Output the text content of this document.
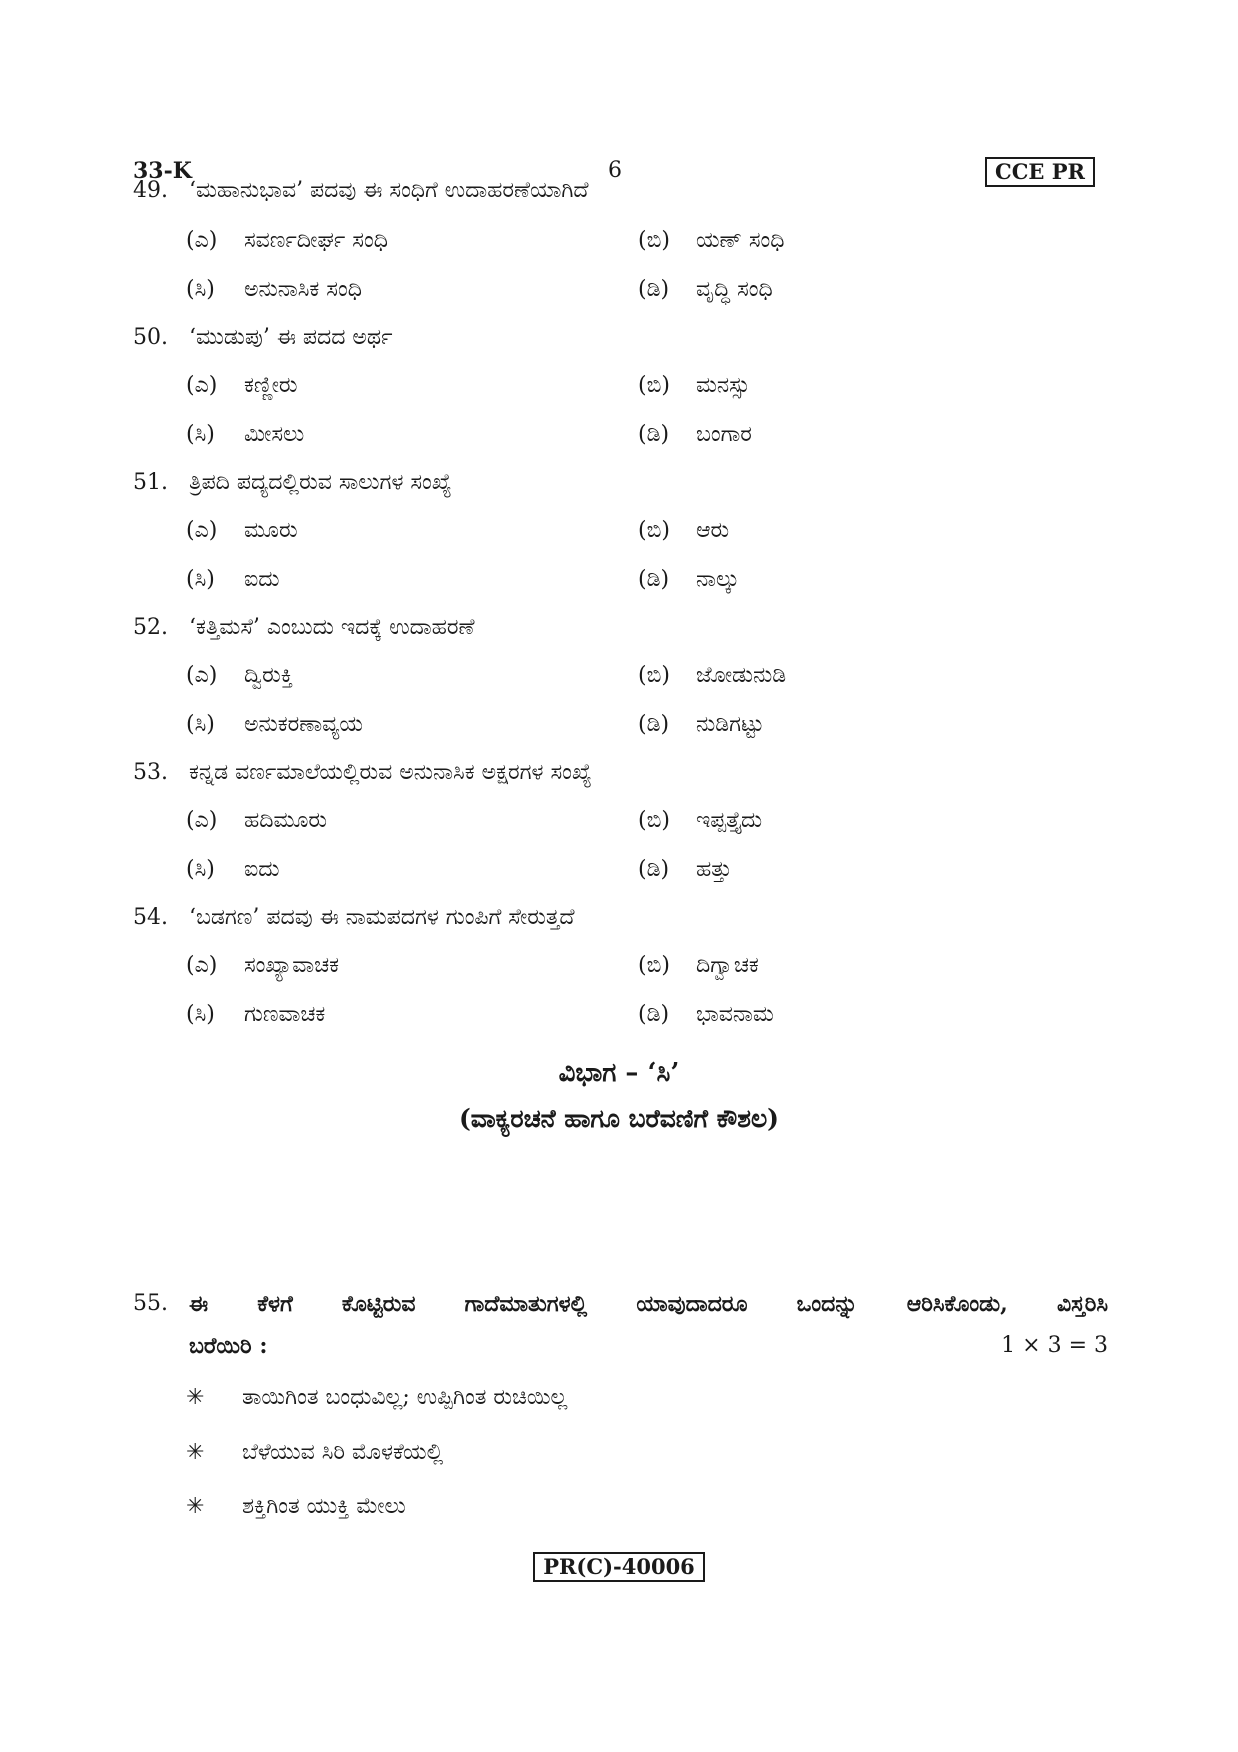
33-K	6	CCE PR
49. ‘ಮಹಾನುಭಾವ’ ಪದವು ಈ ಸಂಧಿಗೆ ಉದಾಹರಣೆಯಾಗಿದೆ
(ಎ) ಸವರ್ಣದೀರ್ಘ ಸಂಧಿ	(ಬಿ) ಯಣ್ ಸಂಧಿ
(ಸಿ) ಅನುನಾಸಿಕ ಸಂಧಿ	(ಡಿ) ವೃದ್ಧಿ ಸಂಧಿ
50. ‘ಮುಡುಪು’ ಈ ಪದದ ಅರ್ಥ
(ಎ) ಕಣ್ಣೀರು	(ಬಿ) ಮನಸ್ಸು
(ಸಿ) ಮೀಸಲು	(ಡಿ) ಬಂಗಾರ
51. ತ್ರಿಪದಿ ಪದ್ಯದಲ್ಲಿರುವ ಸಾಲುಗಳ ಸಂಖ್ಯೆ
(ಎ) ಮೂರು	(ಬಿ) ಆರು
(ಸಿ) ಐದು	(ಡಿ) ನಾಲ್ಕು
52. ‘ಕತ್ತಿಮಸೆ’ ಎಂಬುದು ಇದಕ್ಕೆ ಉದಾಹರಣೆ
(ಎ) ದ್ವಿರುಕ್ತಿ	(ಬಿ) ಜೋಡುನುಡಿ
(ಸಿ) ಅನುಕರಣಾವ್ಯಯ	(ಡಿ) ನುಡಿಗಟ್ಟು
53. ಕನ್ನಡ ವರ್ಣಮಾಲೆಯಲ್ಲಿರುವ ಅನುನಾಸಿಕ ಅಕ್ಷರಗಳ ಸಂಖ್ಯೆ
(ಎ) ಹದಿಮೂರು	(ಬಿ) ಇಪ್ಪತ್ತೈದು
(ಸಿ) ಐದು	(ಡಿ) ಹತ್ತು
54. ‘ಬಡಗಣ’ ಪದವು ಈ ನಾಮಪದಗಳ ಗುಂಪಿಗೆ ಸೇರುತ್ತದೆ
(ಎ) ಸಂಖ್ಯಾವಾಚಕ	(ಬಿ) ದಿಗ್ವಾಚಕ
(ಸಿ) ಗುಣವಾಚಕ	(ಡಿ) ಭಾವನಾಮ
ವಿಭಾಗ – ‘ಸಿ’
(ವಾಕ್ಯರಚನೆ ಹಾಗೂ ಬರೆವಣಿಗೆ ಕೌಶಲ)
55. ಈ ಕೆಳಗೆ ಕೊಟ್ಟಿರುವ ಗಾದೆಮಾತುಗಳಲ್ಲಿ ಯಾವುದಾದರೂ ಒಂದನ್ನು ಆರಿಸಿಕೊಂಡು, ವಿಸ್ತರಿಸಿ
ಬರೆಯಿರಿ :	1 × 3 = 3
✳ ತಾಯಿಗಿಂತ ಬಂಧುವಿಲ್ಲ; ಉಪ್ಪಿಗಿಂತ ರುಚಿಯಿಲ್ಲ
✳ ಬೆಳೆಯುವ ಸಿರಿ ಮೊಳಕೆಯಲ್ಲಿ
✳ ಶಕ್ತಿಗಿಂತ ಯುಕ್ತಿ ಮೇಲು
PR(C)-40006
